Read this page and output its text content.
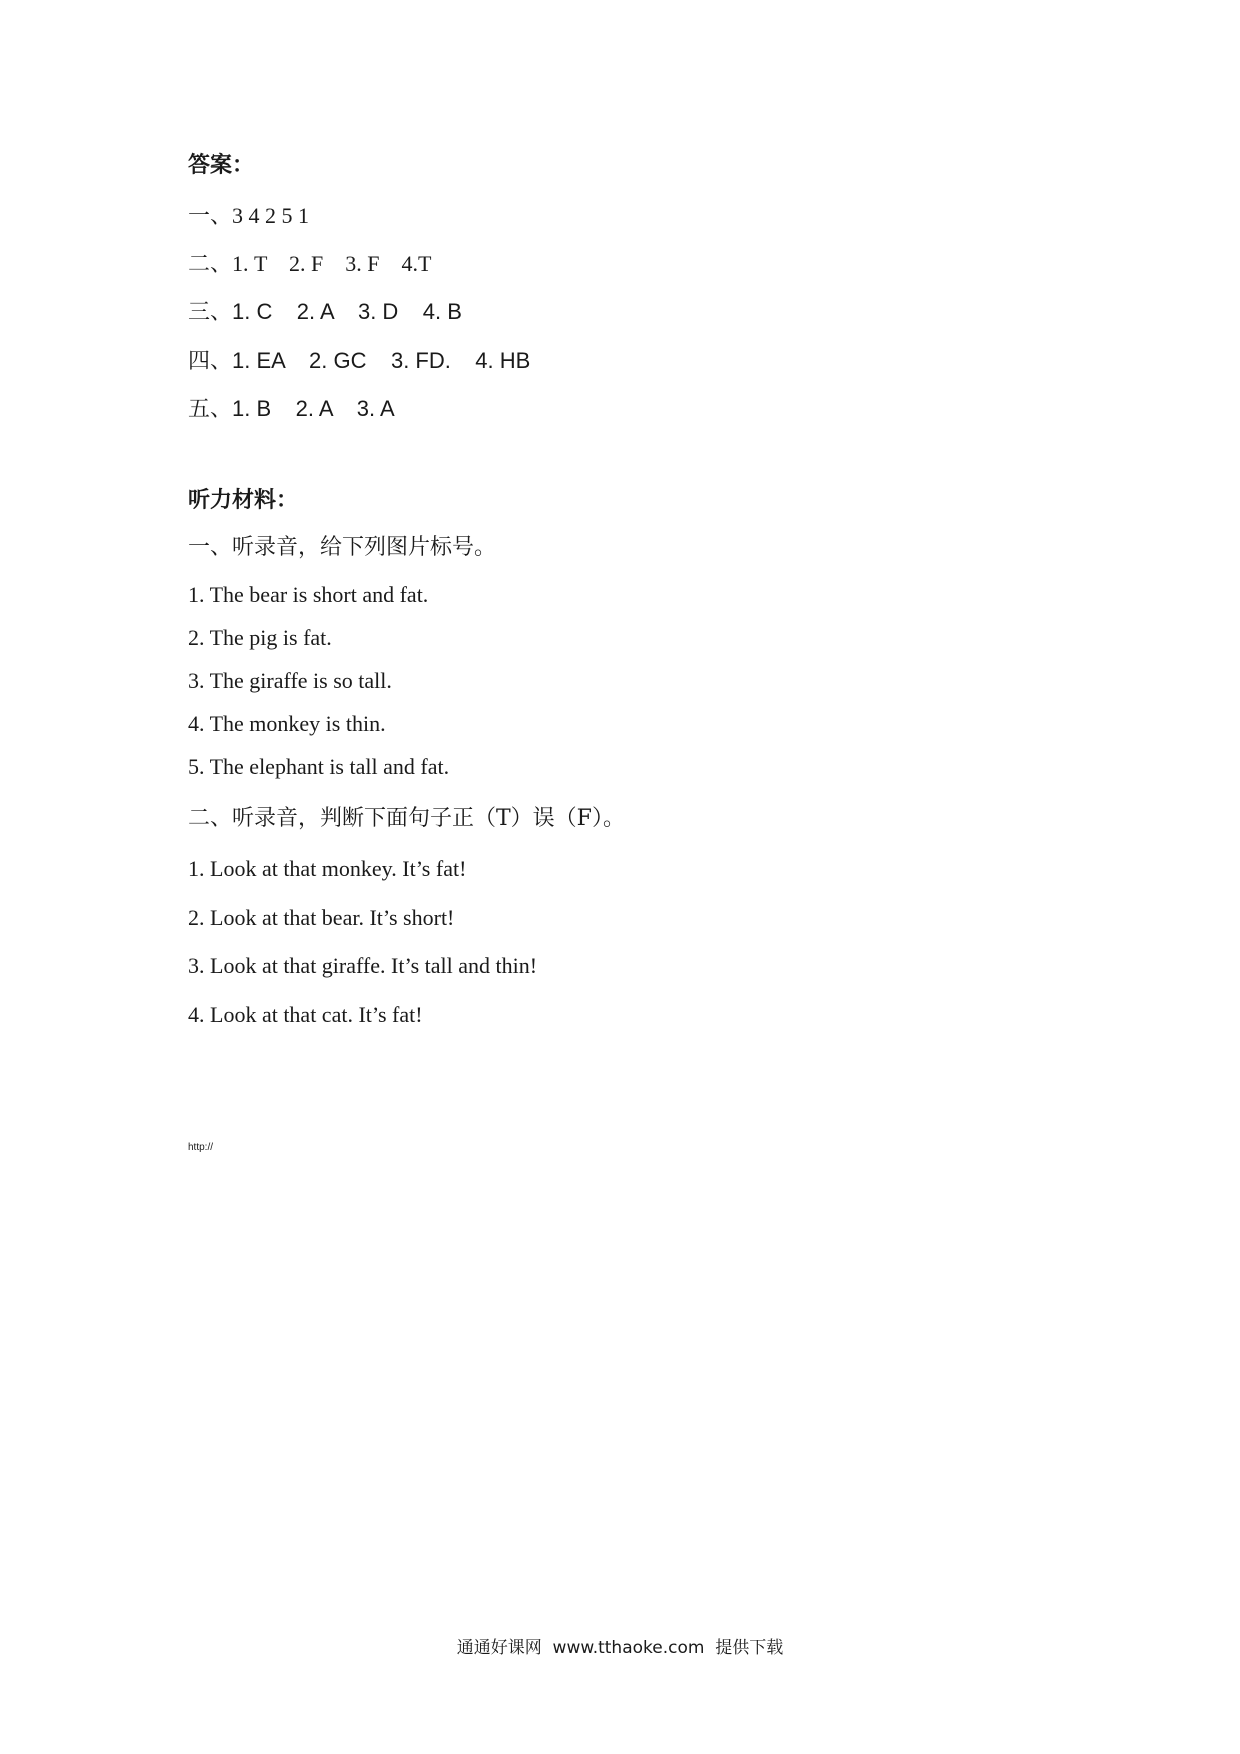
答案：
一、3 4 2 5 1
二、1. T    2. F    3. F    4.T
三、1. C    2. A    3. D    4. B
四、1. EA    2. GC    3. FD.    4. HB
五、1. B    2. A    3. A
听力材料：
一、听录音，给下列图片标号。
1. The bear is short and fat.
2. The pig is fat.
3. The giraffe is so tall.
4. The monkey is thin.
5. The elephant is tall and fat.
二、听录音，判断下面句子正（T）误（F）。
1. Look at that monkey. It’s fat!
2. Look at that bear. It’s short!
3. Look at that giraffe. It’s tall and thin!
4. Look at that cat. It’s fat!
http://
通通好课网  www.tthaoke.com  提供下载
